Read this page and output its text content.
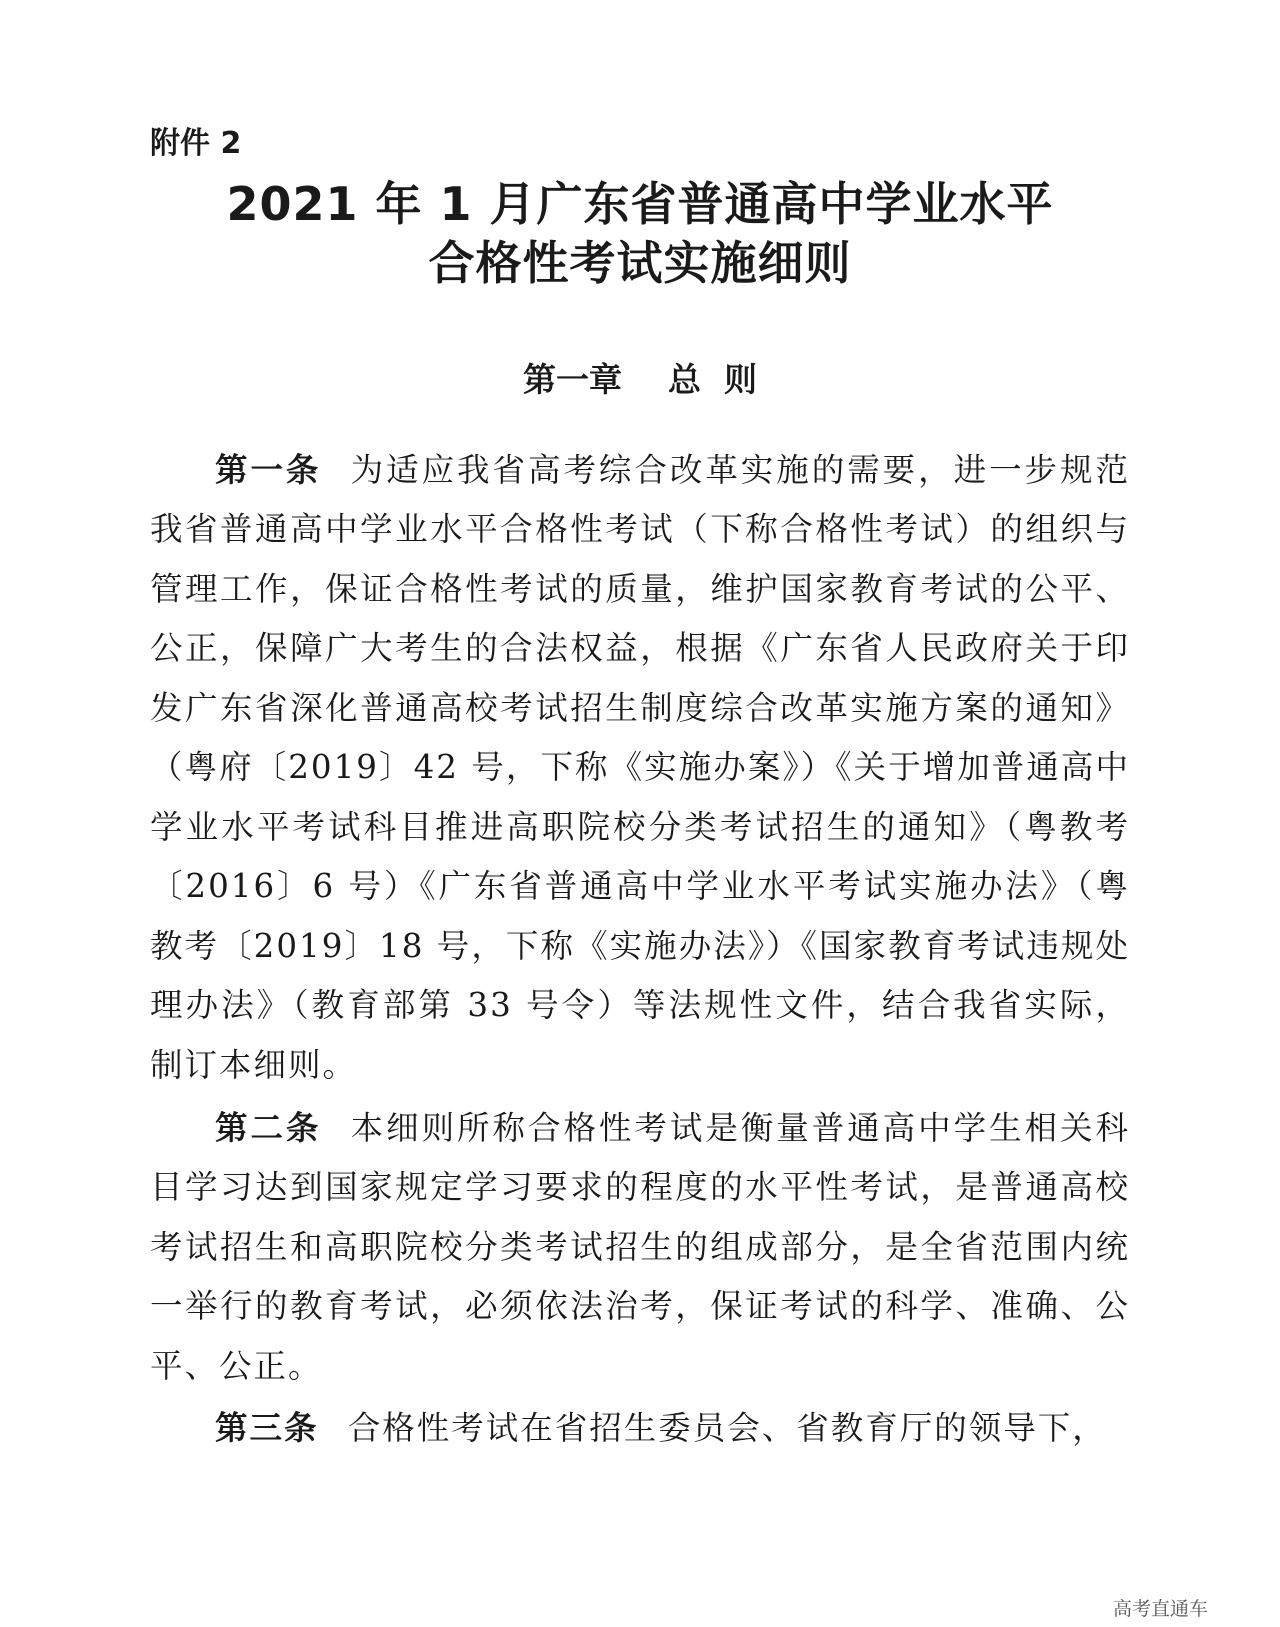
附件 2
2021 年 1 月广东省普通高中学业水平
合格性考试实施细则
第一章    总  则

第一条 为适应我省高考综合改革实施的需要，进一步规范我省普通高中学业水平合格性考试（下称合格性考试）的组织与管理工作，保证合格性考试的质量，维护国家教育考试的公平、公正，保障广大考生的合法权益，根据《广东省人民政府关于印发广东省深化普通高校考试招生制度综合改革实施方案的通知》（粤府〔2019〕42 号，下称《实施办案》）《关于增加普通高中学业水平考试科目推进高职院校分类考试招生的通知》（粤教考〔2016〕6 号）《广东省普通高中学业水平考试实施办法》（粤教考〔2019〕18 号，下称《实施办法》）《国家教育考试违规处理办法》（教育部第 33 号令）等法规性文件，结合我省实际，制订本细则。

第二条 本细则所称合格性考试是衡量普通高中学生相关科目学习达到国家规定学习要求的程度的水平性考试，是普通高校考试招生和高职院校分类考试招生的组成部分，是全省范围内统一举行的教育考试，必须依法治考，保证考试的科学、准确、公平、公正。

第三条 合格性考试在省招生委员会、省教育厅的领导下，

高考直通车
